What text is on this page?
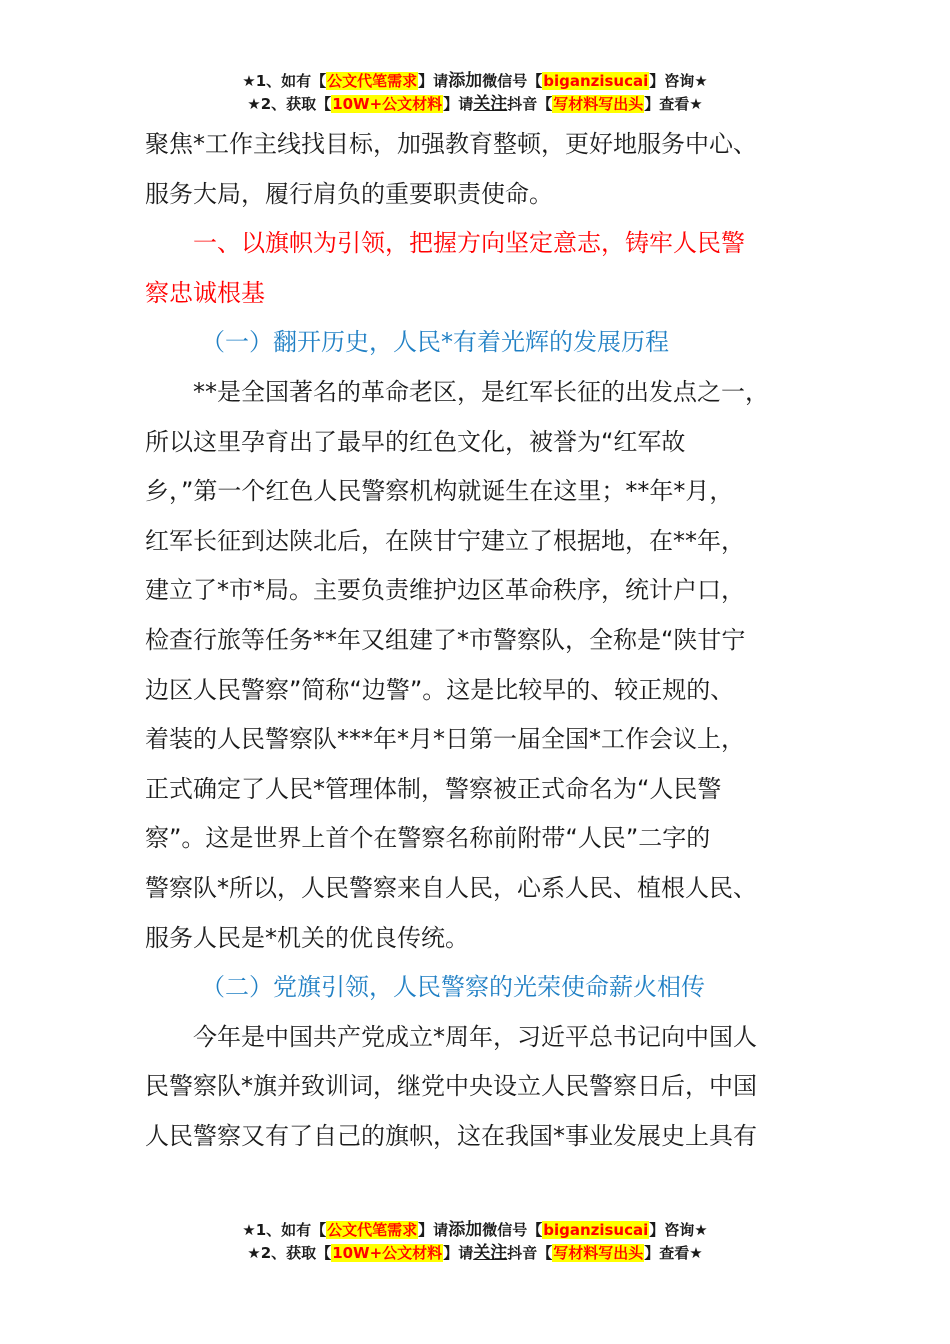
★1、如有【公文代笔需求】请添加微信号【biganzisucai】咨询★
★2、获取【10W+公文材料】请关注抖音【写材料写出头】查看★

聚焦*工作主线找目标，加强教育整顿，更好地服务中心、
服务大局，履行肩负的重要职责使命。

一、以旗帜为引领，把握方向坚定意志，铸牢人民警
察忠诚根基

（一）翻开历史，人民*有着光辉的发展历程

**是全国著名的革命老区，是红军长征的出发点之一，
所以这里孕育出了最早的红色文化，被誉为“红军故
乡，”第一个红色人民警察机构就诞生在这里；**年*月，
红军长征到达陕北后，在陕甘宁建立了根据地，在**年，
建立了*市*局。主要负责维护边区革命秩序，统计户口，
检查行旅等任务**年又组建了*市警察队，全称是“陕甘宁
边区人民警察”简称“边警”。这是比较早的、较正规的、
着装的人民警察队***年*月*日第一届全国*工作会议上，
正式确定了人民*管理体制，警察被正式命名为“人民警
察”。这是世界上首个在警察名称前附带“人民”二字的
警察队*所以，人民警察来自人民，心系人民、植根人民、
服务人民是*机关的优良传统。

（二）党旗引领，人民警察的光荣使命薪火相传

今年是中国共产党成立*周年，习近平总书记向中国人
民警察队*旗并致训词，继党中央设立人民警察日后，中国
人民警察又有了自己的旗帜，这在我国*事业发展史上具有

★1、如有【公文代笔需求】请添加微信号【biganzisucai】咨询★
★2、获取【10W+公文材料】请关注抖音【写材料写出头】查看★
